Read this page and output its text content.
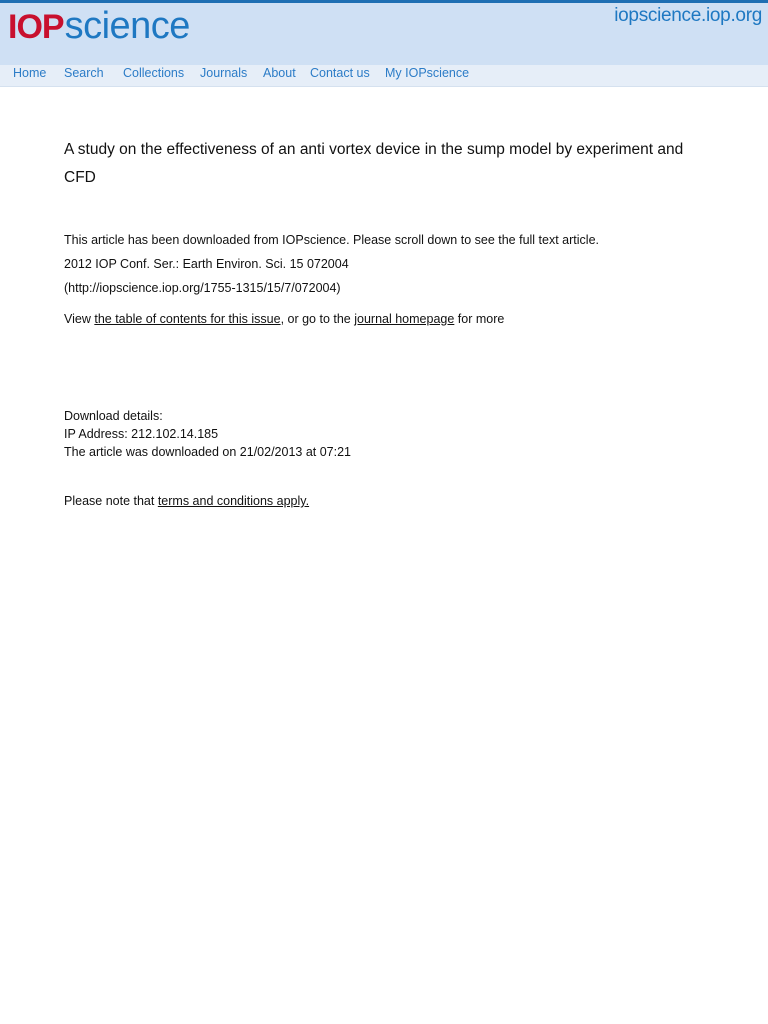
IOPscience	iopscience.iop.org
Home Search Collections Journals About Contact us My IOPscience
A study on the effectiveness of an anti vortex device in the sump model by experiment and CFD
This article has been downloaded from IOPscience. Please scroll down to see the full text article.
2012 IOP Conf. Ser.: Earth Environ. Sci. 15 072004
(http://iopscience.iop.org/1755-1315/15/7/072004)
View the table of contents for this issue, or go to the journal homepage for more
Download details:
IP Address: 212.102.14.185
The article was downloaded on 21/02/2013 at 07:21
Please note that terms and conditions apply.
